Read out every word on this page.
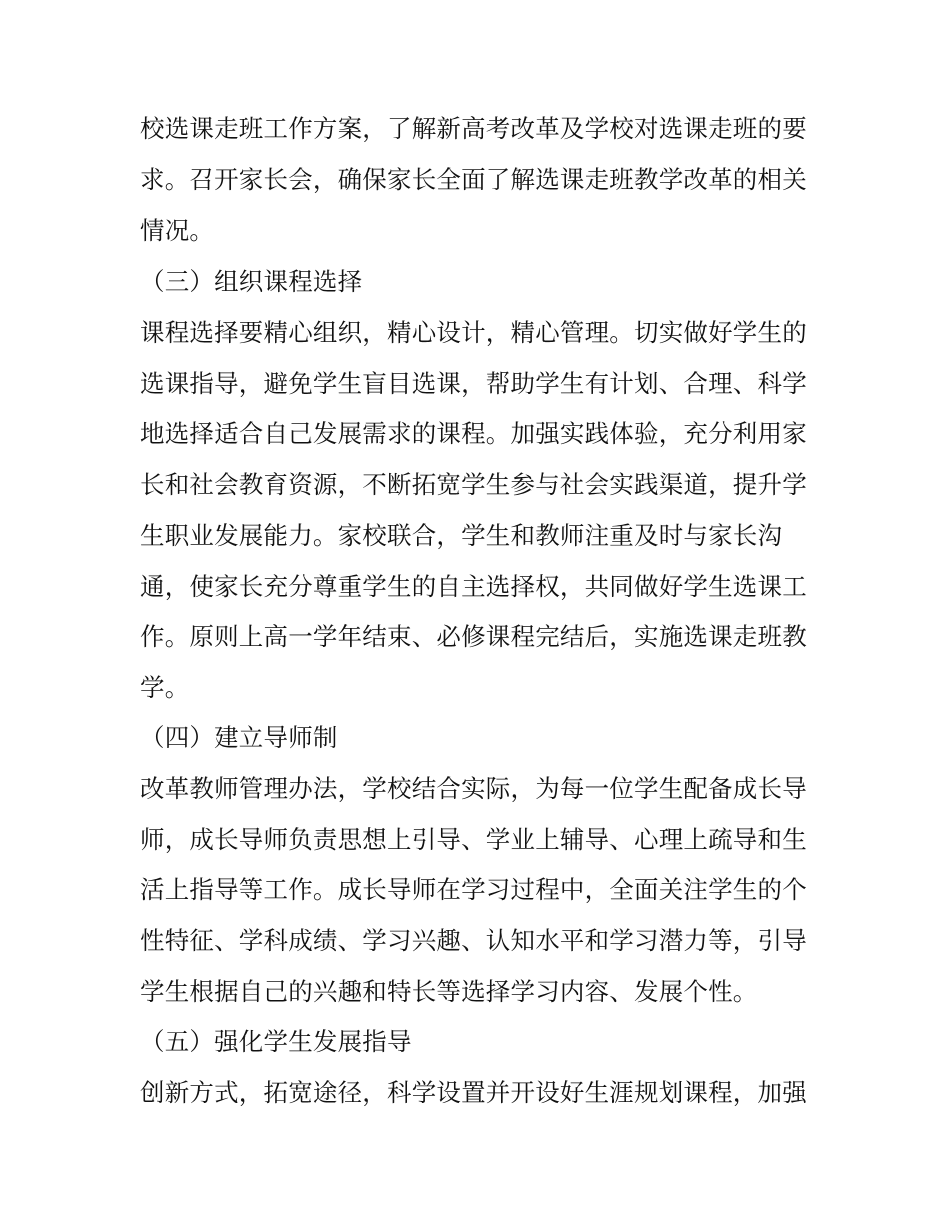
校选课走班工作方案，了解新高考改革及学校对选课走班的要
求。召开家长会，确保家长全面了解选课走班教学改革的相关
情况。
（三）组织课程选择
课程选择要精心组织，精心设计，精心管理。切实做好学生的
选课指导，避免学生盲目选课，帮助学生有计划、合理、科学
地选择适合自己发展需求的课程。加强实践体验，充分利用家
长和社会教育资源，不断拓宽学生参与社会实践渠道，提升学
生职业发展能力。家校联合，学生和教师注重及时与家长沟
通，使家长充分尊重学生的自主选择权，共同做好学生选课工
作。原则上高一学年结束、必修课程完结后，实施选课走班教
学。
（四）建立导师制
改革教师管理办法，学校结合实际，为每一位学生配备成长导
师，成长导师负责思想上引导、学业上辅导、心理上疏导和生
活上指导等工作。成长导师在学习过程中，全面关注学生的个
性特征、学科成绩、学习兴趣、认知水平和学习潜力等，引导
学生根据自己的兴趣和特长等选择学习内容、发展个性。
（五）强化学生发展指导
创新方式，拓宽途径，科学设置并开设好生涯规划课程，加强
